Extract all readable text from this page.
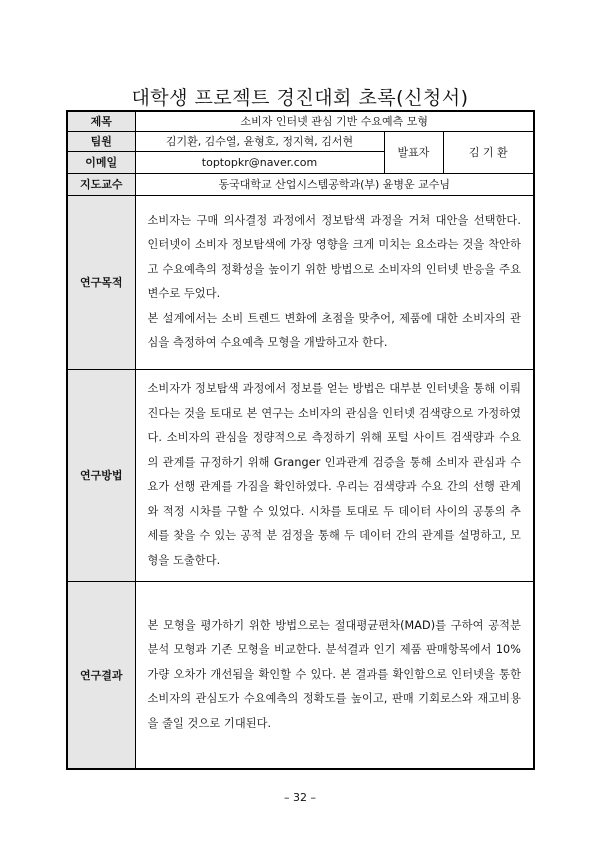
대학생 프로젝트 경진대회 초록(신청서)
제목	소비자 인터넷 관심 기반 수요예측 모형		
팀원	김기환, 김수열, 윤형호, 정지혁, 김서현	발표자	김 기 환
이메일	toptopkr@naver.com		
지도교수	동국대학교 산업시스템공학과(부) 윤병운 교수님		
연구목적	소비자는 구매 의사결정 과정에서 정보탐색 과정을 거쳐 대안을 선택한다. 인터넷이 소비자 정보탐색에 가장 영향을 크게 미치는 요소라는 것을 착안하고 수요예측의 정확성을 높이기 위한 방법으로 소비자의 인터넷 반응을 주요 변수로 두었다.
본 설계에서는 소비 트렌드 변화에 초점을 맞추어, 제품에 대한 소비자의 관심을 측정하여 수요예측 모형을 개발하고자 한다.		

연구방법	소비자가 정보탐색 과정에서 정보를 얻는 방법은 대부분 인터넷을 통해 이뤄진다는 것을 토대로 본 연구는 소비자의 관심을 인터넷 검색량으로 가정하였다. 소비자의 관심을 정량적으로 측정하기 위해 포털 사이트 검색량과 수요의 관계를 규정하기 위해 Granger 인과관계 검증을 통해 소비자 관심과 수요가 선행 관계를 가짐을 확인하였다. 우리는 검색량과 수요 간의 선행 관계와 적정 시차를 구할 수 있었다. 시차를 토대로 두 데이터 사이의 공통의 추세를 찾을 수 있는 공적 분 검정을 통해 두 데이터 간의 관계를 설명하고, 모형을 도출한다.		

연구결과	본 모형을 평가하기 위한 방법으로는 절대평균편차(MAD)를 구하여 공적분분석 모형과 기존 모형을 비교한다. 분석결과 인기 제품 판매항목에서 10%가량 오차가 개선됨을 확인할 수 있다. 본 결과를 확인함으로 인터넷을 통한 소비자의 관심도가 수요예측의 정확도를 높이고, 판매 기회로스와 재고비용을 줄일 것으로 기대된다.		
– 32 –
